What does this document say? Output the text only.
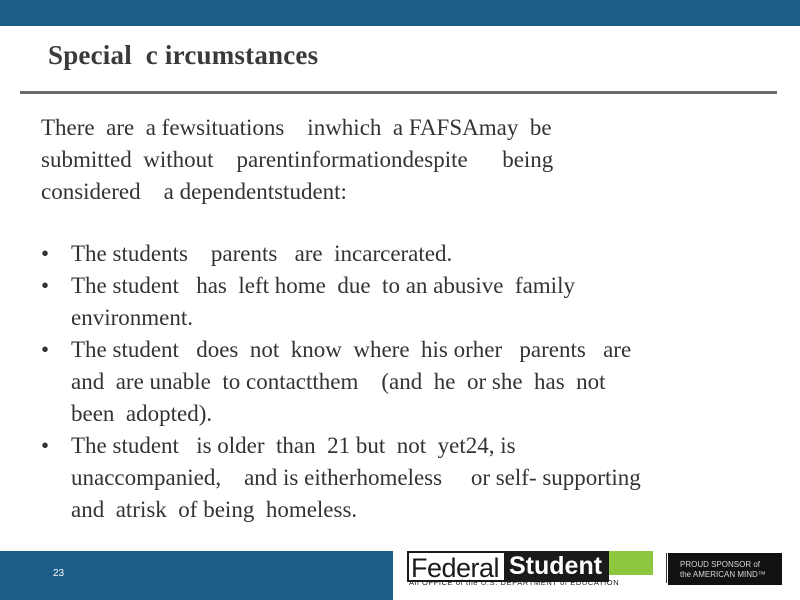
Special  c ircumstances
There  are  a fewsituations    inwhich  a FAFSAmay  be
submitted  without    parentinformationdespite      being
considered    a dependentstudent:
• The students    parents   are  incarcerated.
• The student   has  left home  due  to an abusive  family
environment.
• The student   does  not  know  where  his orher   parents   are
and  are unable  to contactthem    (and  he  or she  has  not
been  adopted).
• The student   is older  than  21 but  not  yet24, is
unaccompanied,    and is eitherhomeless     or self- supporting
and  atrisk  of being  homeless.
23	Federal Student
An OFFICE of the U.S. DEPARTMENT of EDUCATION
PROUD SPONSOR of
the AMERICAN MIND™
